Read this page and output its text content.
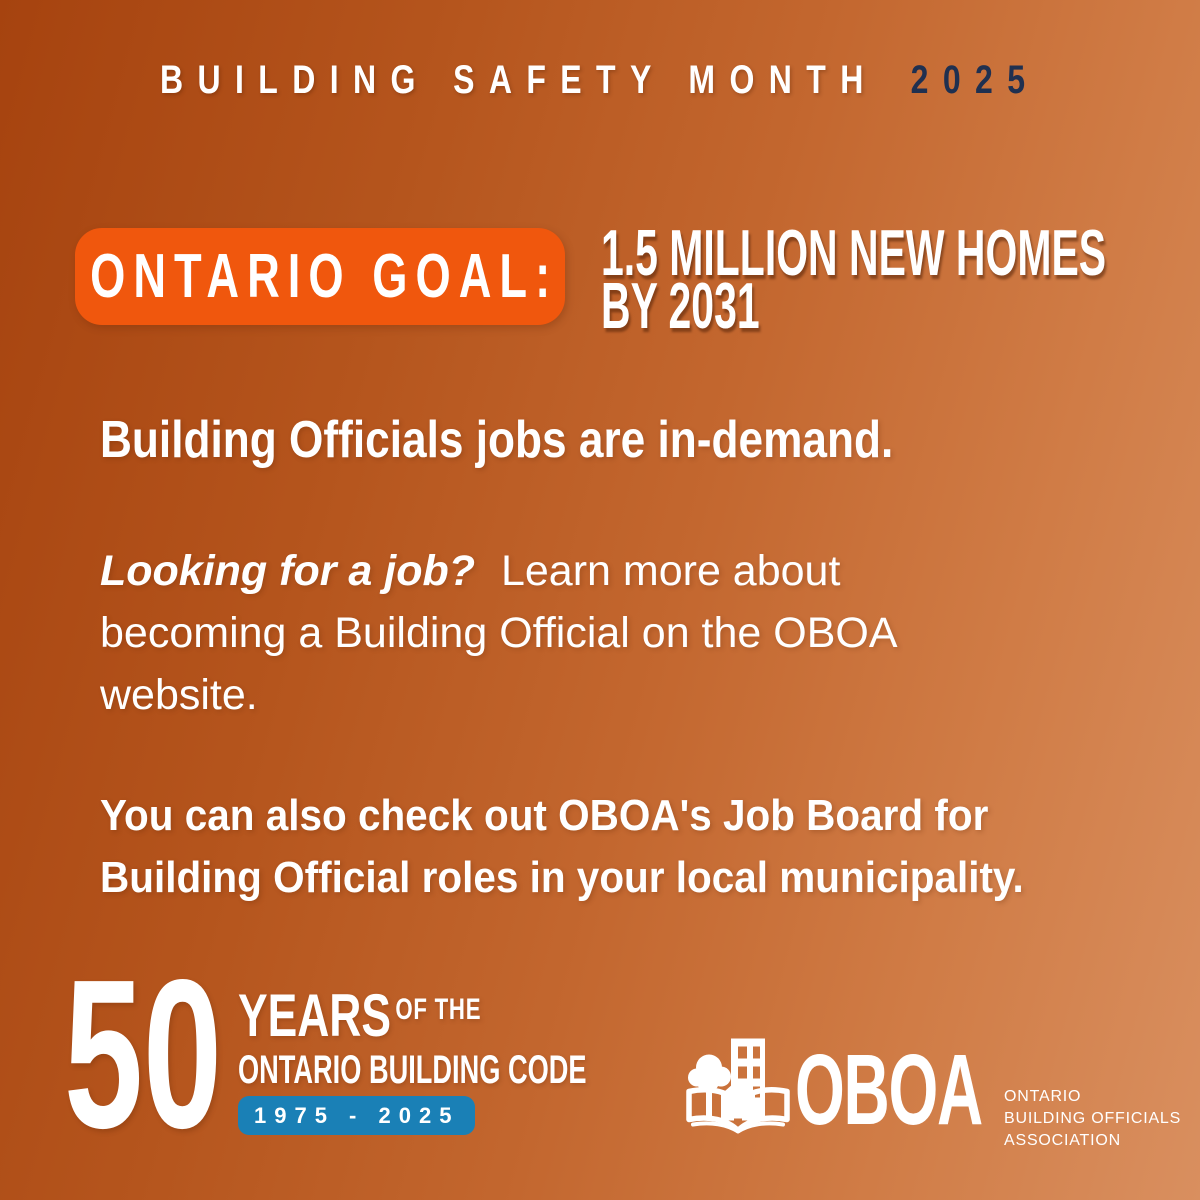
BUILDING SAFETY MONTH 2025
ONTARIO GOAL: 1.5 MILLION NEW HOMES
BY 2031
Building Officials jobs are in-demand.
Looking for a job? Learn more about
becoming a Building Official on the OBOA
website.
You can also check out OBOA's Job Board for
Building Official roles in your local municipality.
50 YEARS OF THE
ONTARIO BUILDING CODE
1975 - 2025	OBOA	ONTARIO
BUILDING OFFICIALS
ASSOCIATION
